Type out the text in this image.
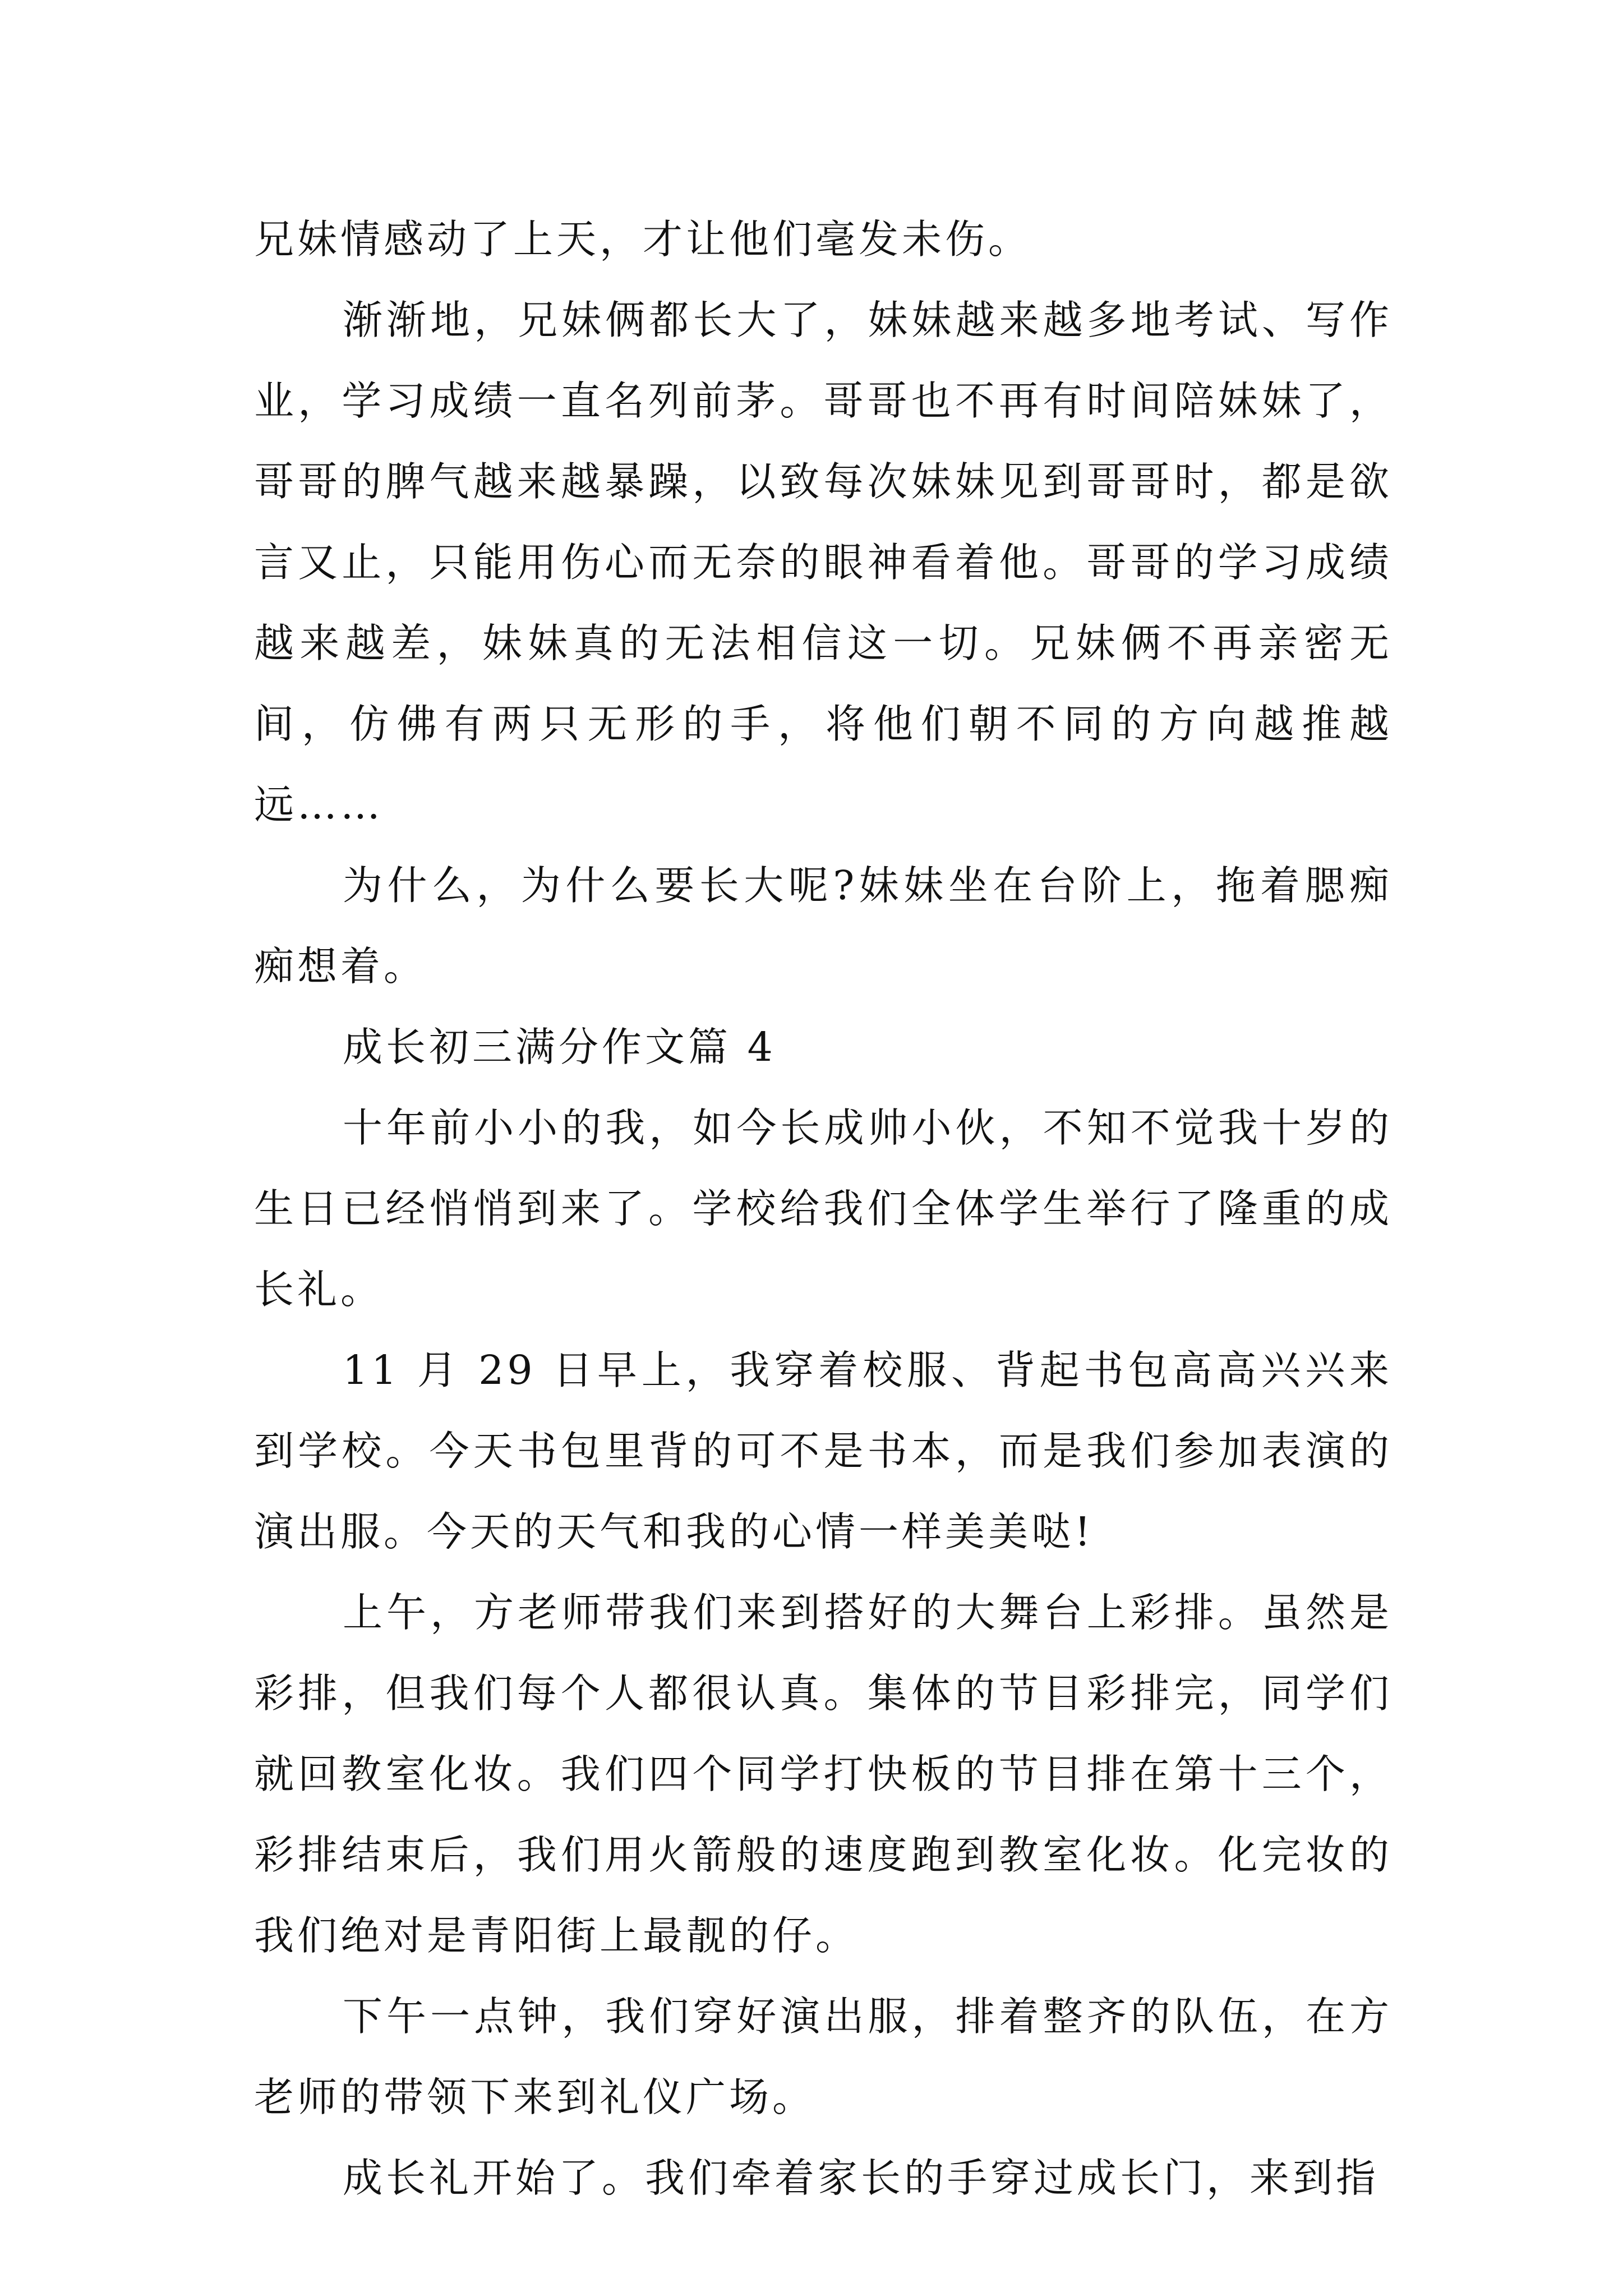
兄妹情感动了上天，才让他们毫发未伤。

渐渐地，兄妹俩都长大了，妹妹越来越多地考试、写作业，学习成绩一直名列前茅。哥哥也不再有时间陪妹妹了，哥哥的脾气越来越暴躁，以致每次妹妹见到哥哥时，都是欲言又止，只能用伤心而无奈的眼神看着他。哥哥的学习成绩越来越差，妹妹真的无法相信这一切。兄妹俩不再亲密无间，仿佛有两只无形的手，将他们朝不同的方向越推越远……

为什么，为什么要长大呢?妹妹坐在台阶上，拖着腮痴痴想着。

成长初三满分作文篇 4

十年前小小的我，如今长成帅小伙，不知不觉我十岁的生日已经悄悄到来了。学校给我们全体学生举行了隆重的成长礼。

11 月 29 日早上，我穿着校服、背起书包高高兴兴来到学校。今天书包里背的可不是书本，而是我们参加表演的演出服。今天的天气和我的心情一样美美哒!

上午，方老师带我们来到搭好的大舞台上彩排。虽然是彩排，但我们每个人都很认真。集体的节目彩排完，同学们就回教室化妆。我们四个同学打快板的节目排在第十三个，彩排结束后，我们用火箭般的速度跑到教室化妆。化完妆的我们绝对是青阳街上最靓的仔。

下午一点钟，我们穿好演出服，排着整齐的队伍，在方老师的带领下来到礼仪广场。

成长礼开始了。我们牵着家长的手穿过成长门，来到指
